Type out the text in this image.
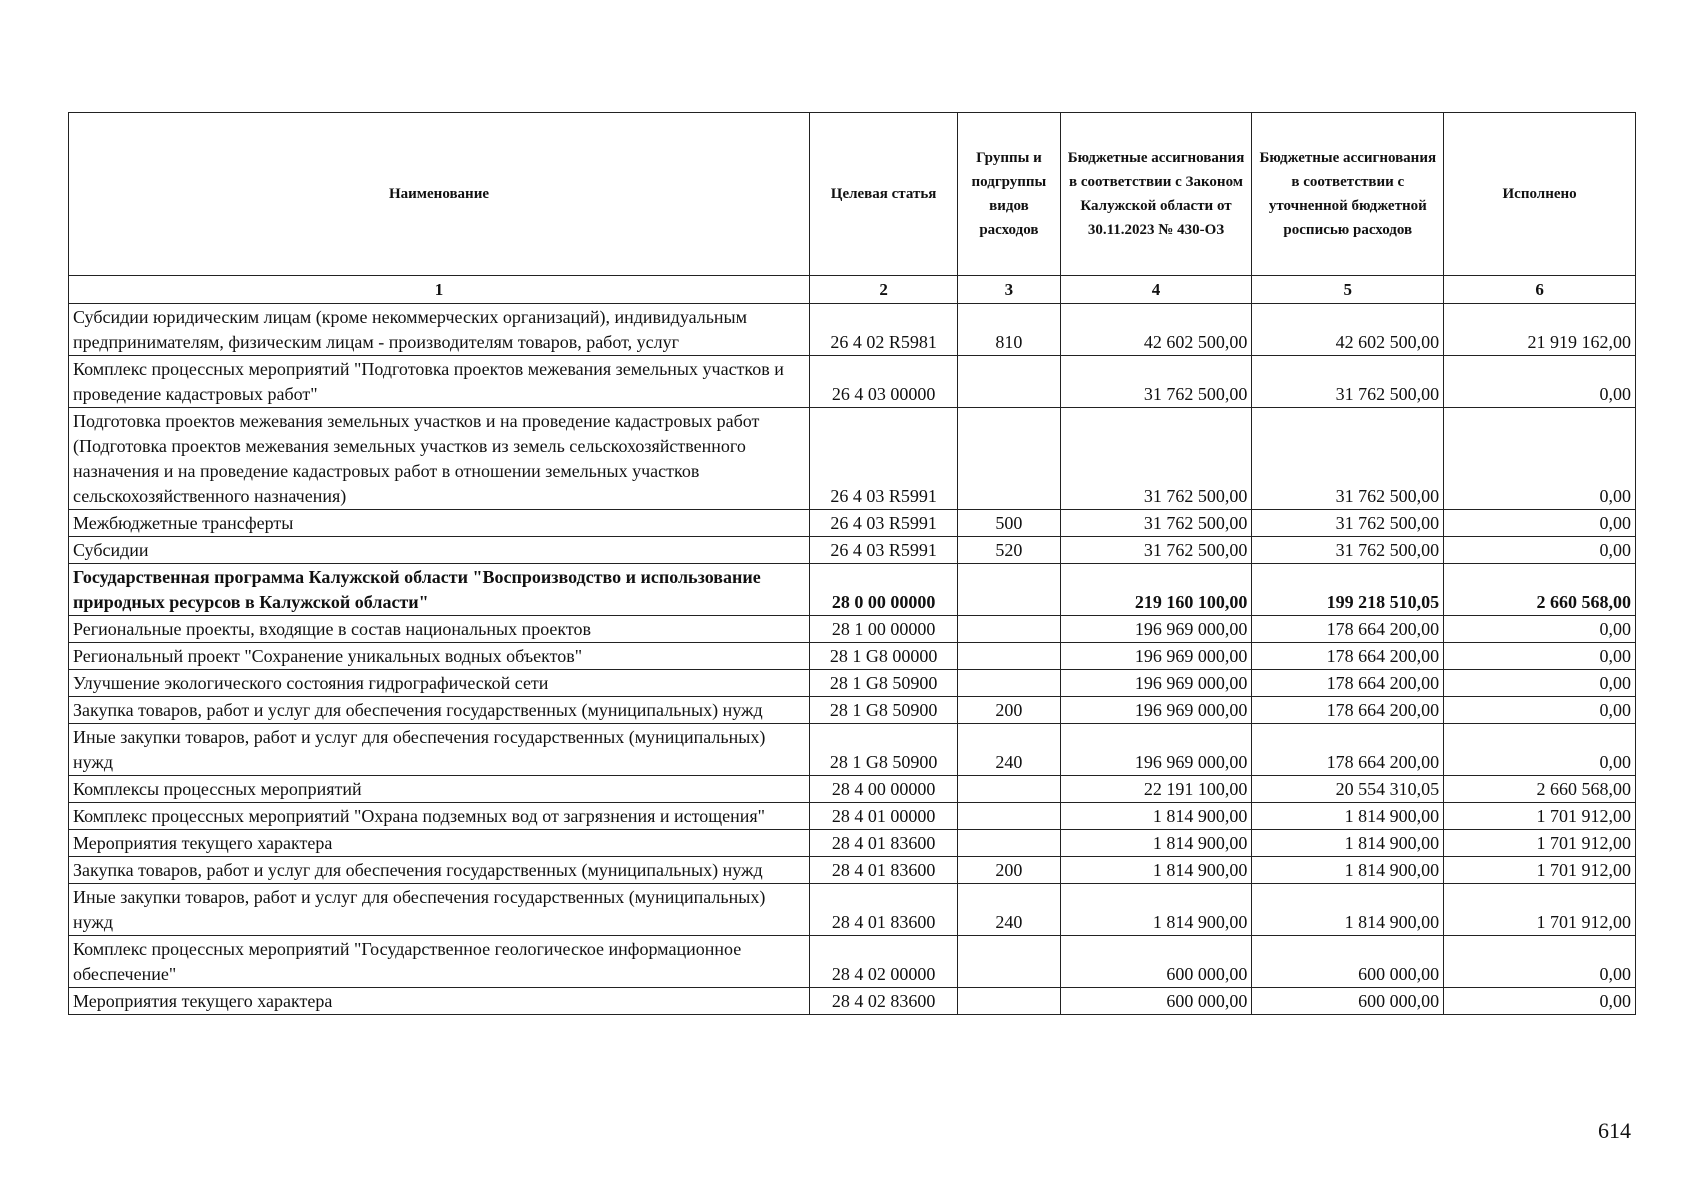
Наименование	Целевая статья	Группы и подгруппы видов расходов	Бюджетные ассигнования в соответствии с Законом Калужской области от 30.11.2023 № 430-ОЗ	Бюджетные ассигнования в соответствии с уточненной бюджетной росписью расходов	Исполнено
1	2	3	4	5	6
Субсидии юридическим лицам (кроме некоммерческих организаций), индивидуальным предпринимателям, физическим лицам - производителям товаров, работ, услуг	26 4 02 R5981	810	42 602 500,00	42 602 500,00	21 919 162,00
Комплекс процессных мероприятий "Подготовка проектов межевания земельных участков и проведение кадастровых работ"	26 4 03 00000		31 762 500,00	31 762 500,00	0,00
Подготовка проектов межевания земельных участков и на проведение кадастровых работ (Подготовка проектов межевания земельных участков из земель сельскохозяйственного назначения и на проведение кадастровых работ в отношении земельных участков сельскохозяйственного назначения)	26 4 03 R5991		31 762 500,00	31 762 500,00	0,00
Межбюджетные трансферты	26 4 03 R5991	500	31 762 500,00	31 762 500,00	0,00
Субсидии	26 4 03 R5991	520	31 762 500,00	31 762 500,00	0,00
Государственная программа Калужской области "Воспроизводство и использование природных ресурсов в Калужской области"	28 0 00 00000		219 160 100,00	199 218 510,05	2 660 568,00
Региональные проекты, входящие в состав национальных проектов	28 1 00 00000		196 969 000,00	178 664 200,00	0,00
Региональный проект "Сохранение уникальных водных объектов"	28 1 G8 00000		196 969 000,00	178 664 200,00	0,00
Улучшение экологического состояния гидрографической сети	28 1 G8 50900		196 969 000,00	178 664 200,00	0,00
Закупка товаров, работ и услуг для обеспечения государственных (муниципальных) нужд	28 1 G8 50900	200	196 969 000,00	178 664 200,00	0,00
Иные закупки товаров, работ и услуг для обеспечения государственных (муниципальных) нужд	28 1 G8 50900	240	196 969 000,00	178 664 200,00	0,00
Комплексы процессных мероприятий	28 4 00 00000		22 191 100,00	20 554 310,05	2 660 568,00
Комплекс процессных мероприятий "Охрана подземных вод от загрязнения и истощения"	28 4 01 00000		1 814 900,00	1 814 900,00	1 701 912,00
Мероприятия текущего характера	28 4 01 83600		1 814 900,00	1 814 900,00	1 701 912,00
Закупка товаров, работ и услуг для обеспечения государственных (муниципальных) нужд	28 4 01 83600	200	1 814 900,00	1 814 900,00	1 701 912,00
Иные закупки товаров, работ и услуг для обеспечения государственных (муниципальных) нужд	28 4 01 83600	240	1 814 900,00	1 814 900,00	1 701 912,00
Комплекс процессных мероприятий "Государственное геологическое информационное обеспечение"	28 4 02 00000		600 000,00	600 000,00	0,00
Мероприятия текущего характера	28 4 02 83600		600 000,00	600 000,00	0,00
614
